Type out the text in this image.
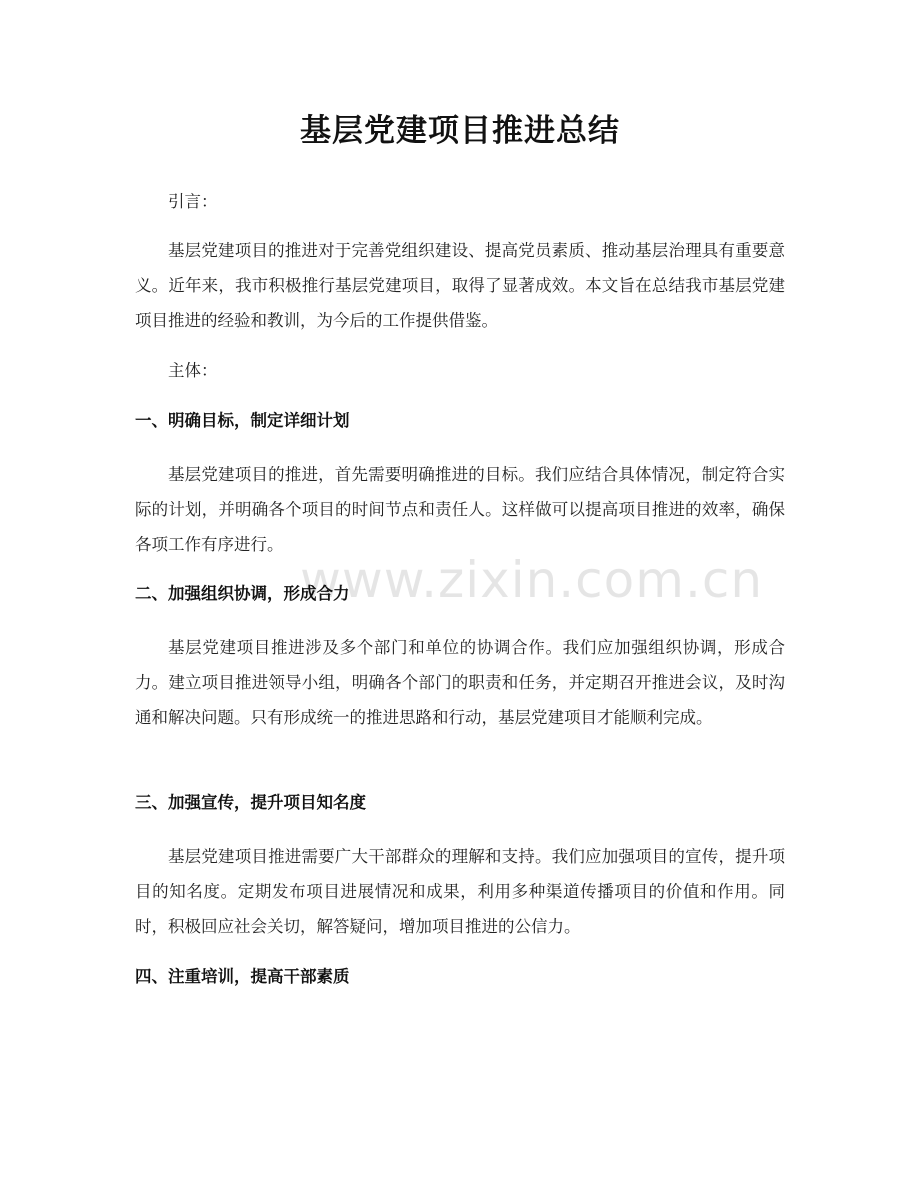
基层党建项目推进总结

引言：

基层党建项目的推进对于完善党组织建设、提高党员素质、推动基层治理具有重要意义。近年来，我市积极推行基层党建项目，取得了显著成效。本文旨在总结我市基层党建项目推进的经验和教训，为今后的工作提供借鉴。

主体：

一、明确目标，制定详细计划

基层党建项目的推进，首先需要明确推进的目标。我们应结合具体情况，制定符合实际的计划，并明确各个项目的时间节点和责任人。这样做可以提高项目推进的效率，确保各项工作有序进行。

二、加强组织协调，形成合力

基层党建项目推进涉及多个部门和单位的协调合作。我们应加强组织协调，形成合力。建立项目推进领导小组，明确各个部门的职责和任务，并定期召开推进会议，及时沟通和解决问题。只有形成统一的推进思路和行动，基层党建项目才能顺利完成。

三、加强宣传，提升项目知名度

基层党建项目推进需要广大干部群众的理解和支持。我们应加强项目的宣传，提升项目的知名度。定期发布项目进展情况和成果，利用多种渠道传播项目的价值和作用。同时，积极回应社会关切，解答疑问，增加项目推进的公信力。

四、注重培训，提高干部素质
www.zixin.com.cn
